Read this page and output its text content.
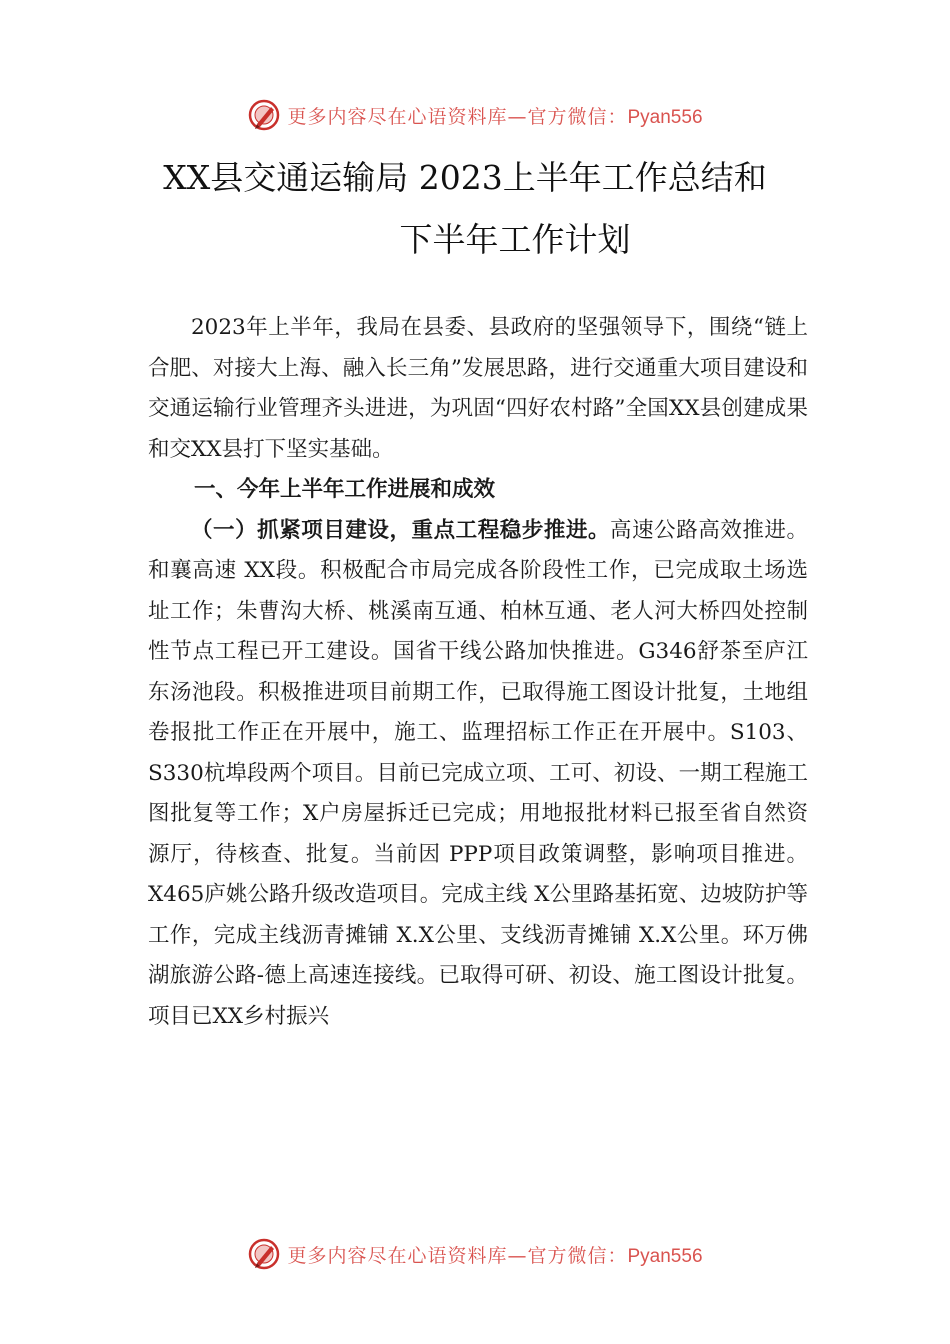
更多内容尽在心语资料库—官方微信：Pyan556
XX县交通运输局 2023上半年工作总结和
下半年工作计划

2023年上半年，我局在县委、县政府的坚强领导下，围绕“链上合肥、对接大上海、融入长三角”发展思路，进行交通重大项目建设和交通运输行业管理齐头进进，为巩固“四好农村路”全国XX县创建成果和交XX县打下坚实基础。

一、今年上半年工作进展和成效

（一）抓紧项目建设，重点工程稳步推进。高速公路高效推进。和襄高速 XX段。积极配合市局完成各阶段性工作，已完成取土场选址工作；朱曹沟大桥、桃溪南互通、柏林互通、老人河大桥四处控制性节点工程已开工建设。国省干线公路加快推进。G346舒茶至庐江东汤池段。积极推进项目前期工作，已取得施工图设计批复，土地组卷报批工作正在开展中，施工、监理招标工作正在开展中。S103、S330杭埠段两个项目。目前已完成立项、工可、初设、一期工程施工图批复等工作；X户房屋拆迁已完成；用地报批材料已报至省自然资源厅，待核查、批复。当前因 PPP项目政策调整，影响项目推进。X465庐姚公路升级改造项目。完成主线 X公里路基拓宽、边坡防护等工作，完成主线沥青摊铺 X.X公里、支线沥青摊铺 X.X公里。环万佛湖旅游公路-德上高速连接线。已取得可研、初设、施工图设计批复。项目已XX乡村振兴

更多内容尽在心语资料库—官方微信：Pyan556
